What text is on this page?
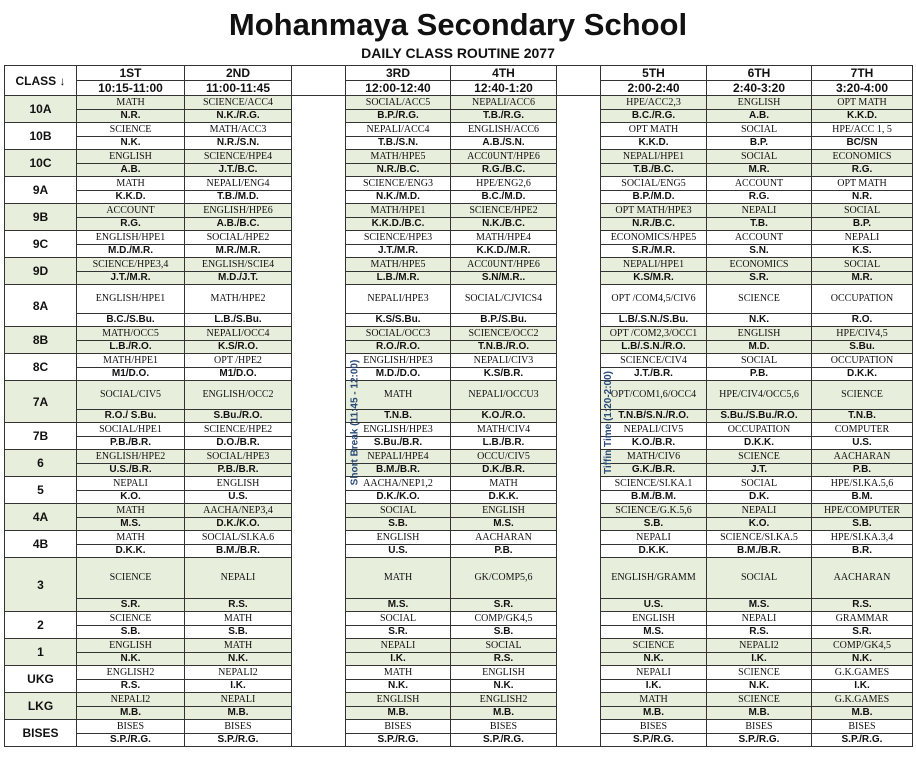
Mohanmaya Secondary School
DAILY CLASS ROUTINE 2077
CLASS ↓	1ST	2ND		3RD	4TH		5TH	6TH	7TH
	10:15-11:00	11:00-11:45		12:00-12:40	12:40-1:20		2:00-2:40	2:40-3:20	3:20-4:00
10A	MATH	SCIENCE/ACC4	Short Break (11:45 - 12:00)	SOCIAL/ACC5	NEPALI/ACC6	Tiffin Time (1:20-2:00)	HPE/ACC2,3	ENGLISH	OPT MATH
	N.R.	N.K./R.G.		B.P./R.G.	T.B./R.G.		B.C./R.G.	A.B.	K.K.D.
10B	SCIENCE	MATH/ACC3		NEPALI/ACC4	ENGLISH/ACC6		OPT MATH	SOCIAL	HPE/ACC 1, 5
	N.K.	N.R./S.N.		T.B./S.N.	A.B./S.N.		K.K.D.	B.P.	BC/SN
10C	ENGLISH	SCIENCE/HPE4		MATH/HPE5	ACC0UNT/HPE6		NEPALI/HPE1	SOCIAL	ECONOMICS
	A.B.	J.T./B.C.		N.R./B.C.	R.G./B.C.		T.B./B.C.	M.R.	R.G.
9A	MATH	NEPALI/ENG4		SCIENCE/ENG3	HPE/ENG2,6		SOCIAL/ENG5	ACCOUNT	OPT MATH
	K.K.D.	T.B./M.D.		N.K./M.D.	B.C./M.D.		B.P./M.D.	R.G.	N.R.
9B	ACCOUNT	ENGLISH/HPE6		MATH/HPE1	SCIENCE/HPE2		OPT MATH/HPE3	NEPALI	SOCIAL
	R.G.	A.B./B.C.		K.K.D./B.C.	N.K./B.C.		N.R./B.C.	T.B.	B.P.
9C	ENGLISH/HPE1	SOCIAL/HPE2		SCIENCE/HPE3	MATH/HPE4		ECONOMICS/HPE5	ACCOUNT	NEPALI
	M.D./M.R.	M.R./M.R.		J.T./M.R.	K.K.D./M.R.		S.R./M.R.	S.N.	K.S.
9D	SCIENCE/HPE3,4	ENGLISH/SCIE4		MATH/HPE5	ACC0UNT/HPE6		NEPALI/HPE1	ECONOMICS	SOCIAL
	J.T./M.R.	M.D./J.T.		L.B./M.R.	S.N/M.R..		K.S/M.R.	S.R.	M.R.
8A	ENGLISH/HPE1	MATH/HPE2		NEPALI/HPE3	SOCIAL/CJVICS4		OPT /COM4,5/CIV6	SCIENCE	OCCUPATION
	B.C./S.Bu.	L.B./S.Bu.		K.S/S.Bu.	B.P./S.Bu.		L.B/.S.N./S.Bu.	N.K.	R.O.
8B	MATH/OCC5	NEPALI/OCC4		SOCIAL/OCC3	SCIENCE/OCC2		OPT /COM2,3/OCC1	ENGLISH	HPE/CIV4,5
	L.B./R.O.	K.S/R.O.		R.O./R.O.	T.N.B./R.O.		L.B/.S.N./R.O.	M.D.	S.Bu.
8C	MATH/HPE1	OPT /HPE2		ENGLISH/HPE3	NEPALI/CIV3		SCIENCE/CIV4	SOCIAL	OCCUPATION
	M1/D.O.	M1/D.O.		M.D./D.O.	K.S/B.R.		J.T./B.R.	P.B.	D.K.K.
7A	SOCIAL/CIV5	ENGLISH/OCC2		MATH	NEPALI/OCCU3		OPT/COM1,6/OCC4	HPE/CIV4/OCC5,6	SCIENCE
	R.O./ S.Bu.	S.Bu./R.O.		T.N.B.	K.O./R.O.		T.N.B/S.N./R.O.	S.Bu./S.Bu./R.O.	T.N.B.
7B	SOCIAL/HPE1	SCIENCE/HPE2		ENGLISH/HPE3	MATH/CIV4		NEPALI/CIV5	OCCUPATION	COMPUTER
	P.B./B.R.	D.O./B.R.		S.Bu./B.R.	L.B./B.R.		K.O./B.R.	D.K.K.	U.S.
6	ENGLISH/HPE2	SOCIAL/HPE3		NEPALI/HPE4	OCCU/CIV5		MATH/CIV6	SCIENCE	AACHARAN
	U.S./B.R.	P.B./B.R.		B.M./B.R.	D.K./B.R.		G.K./B.R.	J.T.	P.B.
5	NEPALI	ENGLISH		AACHA/NEP1,2	MATH		SCIENCE/SI.KA.1	SOCIAL	HPE/SI.KA.5,6
	K.O.	U.S.		D.K./K.O.	D.K.K.		B.M./B.M.	D.K.	B.M.
4A	MATH	AACHA/NEP3,4		SOCIAL	ENGLISH		SCIENCE/G.K.5,6	NEPALI	HPE/COMPUTER
	M.S.	D.K./K.O.		S.B.	M.S.		S.B.	K.O.	S.B.
4B	MATH	SOCIAL/SI.KA.6		ENGLISH	AACHARAN		NEPALI	SCIENCE/SI.KA.5	HPE/SI.KA.3,4
	D.K.K.	B.M./B.R.		U.S.	P.B.		D.K.K.	B.M./B.R.	B.R.
3	SCIENCE	NEPALI		MATH	GK/COMP5,6		ENGLISH/GRAMM	SOCIAL	AACHARAN
	S.R.	R.S.		M.S.	S.R.		U.S.	M.S.	R.S.
2	SCIENCE	MATH		SOCIAL	COMP/GK4,5		ENGLISH	NEPALI	GRAMMAR
	S.B.	S.B.		S.R.	S.B.		M.S.	R.S.	S.R.
1	ENGLISH	MATH		NEPALI	SOCIAL		SCIENCE	NEPALI2	COMP/GK4,5
	N.K.	N.K.		I.K.	R.S.		N.K.	I.K.	N.K.
UKG	ENGLISH2	NEPALI2		MATH	ENGLISH		NEPALI	SCIENCE	G.K.GAMES
	R.S.	I.K.		N.K.	N.K.		I.K.	N.K.	I.K.
LKG	NEPALI2	NEPALI		ENGLISH	ENGLISH2		MATH	SCIENCE	G.K.GAMES
	M.B.	M.B.		M.B.	M.B.		M.B.	M.B.	M.B.
BISES	BISES	BISES		BISES	BISES		BISES	BISES	BISES
	S.P./R.G.	S.P./R.G.		S.P./R.G.	S.P./R.G.		S.P./R.G.	S.P./R.G.	S.P./R.G.
